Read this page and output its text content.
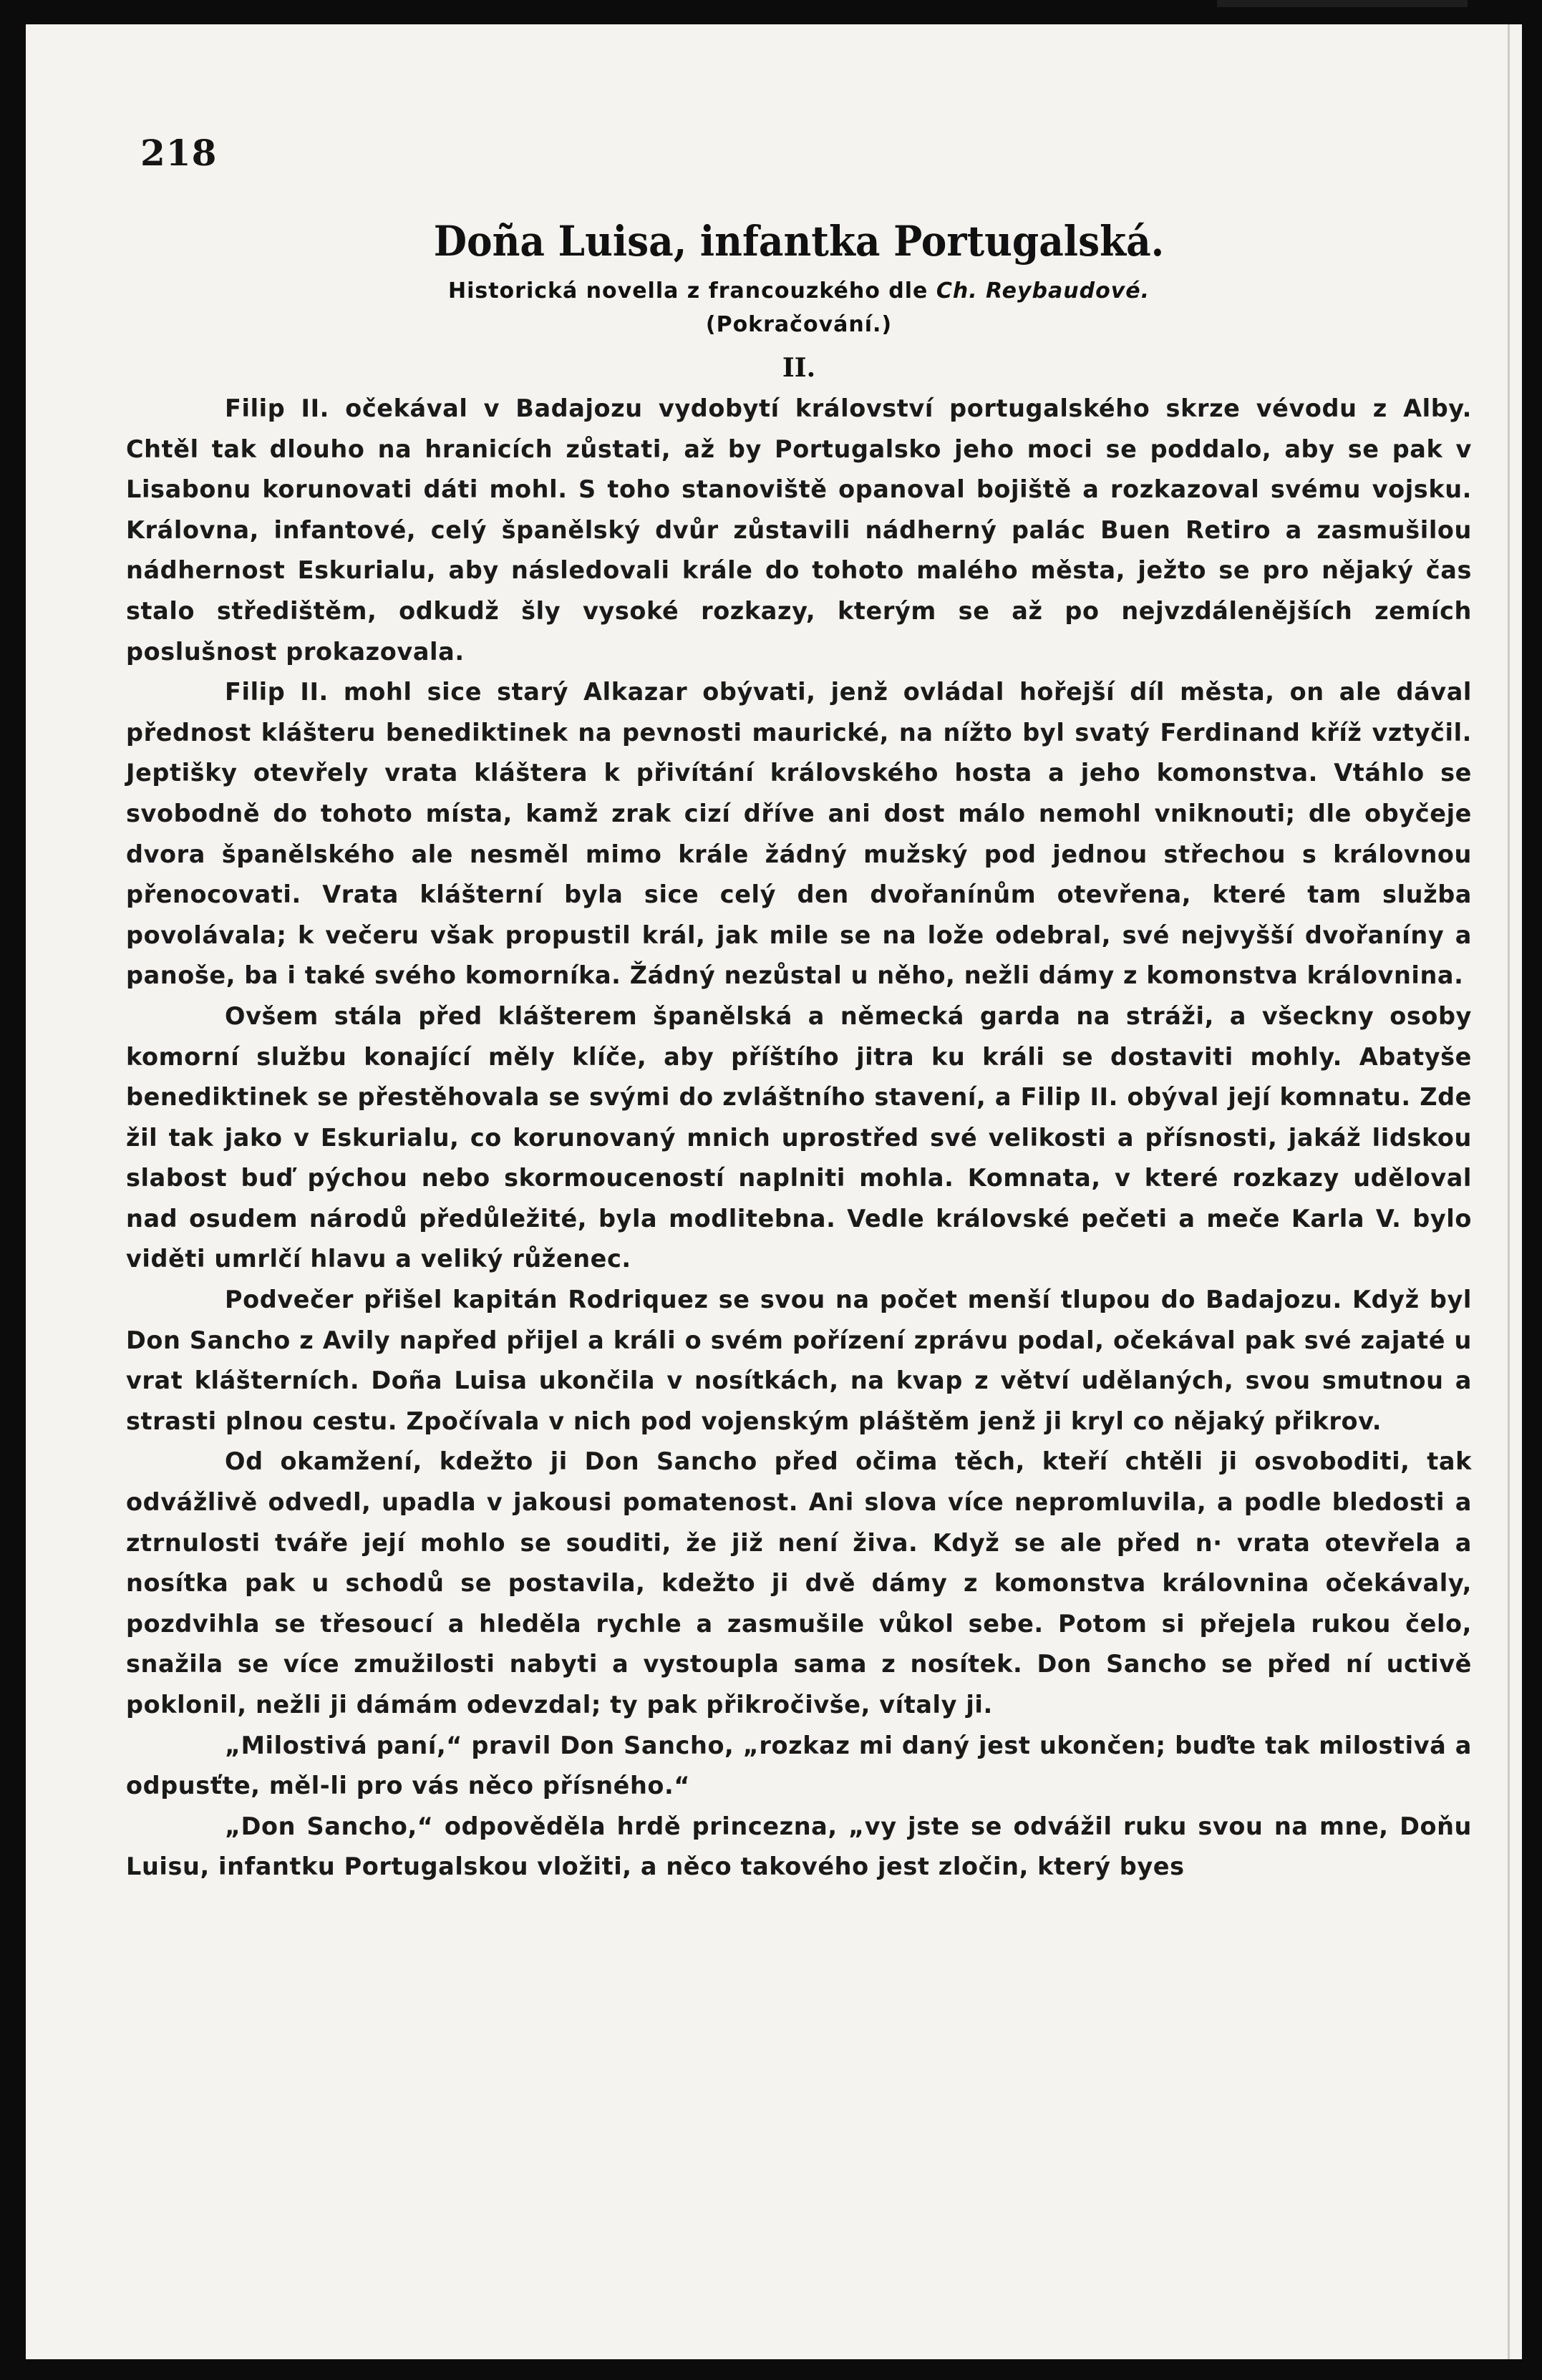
218
Doña Luisa, infantka Portugalská.
Historická novella z francouzkého dle Ch. Reybaudové.
(Pokračování.)
II.

Filip II. očekával v Badajozu vydobytí království portugalského skrze vévodu z Alby. Chtěl tak dlouho na hranicích zůstati, až by Portugalsko jeho moci se poddalo, aby se pak v Lisabonu korunovati dáti mohl. S toho stanoviště opanoval bojiště a rozkazoval svému vojsku. Královna, infantové, celý španělský dvůr zůstavili nádherný palác Buen Retiro a zasmušilou nádhernost Eskurialu, aby následovali krále do tohoto malého města, ježto se pro nějaký čas stalo střediště‌m, odkudž šly vysoké rozkazy, kterým se až po nejvzdálenějších zemích poslušnost prokazovala.

Filip II. mohl sice starý Alkazar obývati, jenž ovládal hořejší díl města, on ale dával přednost klášteru benediktinek na pevnosti maurické, na nížto byl svatý Ferdinand kříž vztyčil. Jeptišky otevřely vrata kláštera k přivítání královského hosta a jeho komonstva. Vtáhlo se svobodně do tohoto místa, kamž zrak cizí dříve ani dost málo nemohl vniknouti; dle obyčeje dvora španělského ale nesměl mimo krále žádný mužský pod jednou střechou s královnou přenocovati. Vrata klášterní byla sice celý den dvořanínům otevřena, které tam služba povolávala; k večeru však propustil král, jak mile se na lože odebral, své nejvyšší dvořaníny a panoše, ba i také svého komorníka. Žádný nezůstal u něho, nežli dámy z komonstva královnina.

Ovšem stála před klášterem španělská a německá garda na stráži, a všeckny osoby komorní službu konající měly klíče, aby příštího jitra ku králi se dostaviti mohly. Abatyše benediktinek se přestěhovala se svými do zvláštního stavení, a Filip II. obýval její komnatu. Zde žil tak jako v Eskurialu, co korunovaný mnich uprostřed své velikosti a přísnosti, jakáž lidskou slabost buď pýchou nebo skormouceností naplniti mohla. Komnata, v které rozkazy uděloval nad osudem národů předůležité, byla modlitebna. Vedle královské pečeti a meče Karla V. bylo viděti umrlčí hlavu a veliký růženec.

Podvečer přišel kapitán Rodriquez se svou na počet menší tlupou do Badajozu. Když byl Don Sancho z Avily napřed přijel a králi o svém pořízení zprávu podal, očekával pak své zajaté u vrat klášterních. Doña Luisa ukončila v nosítkách, na kvap z větví udělaných, svou smutnou a strasti plnou cestu. Zpočívala v nich pod vojenským pláštěm jenž ji kryl co nějaký přikrov.

Od okamžení, kdežto ji Don Sancho před očima těch, kteří chtěli ji osvoboditi, tak odvážlivě odvedl, upadla v jakousi pomatenost. Ani slova více nepromluvila, a podle bledosti a ztrnulosti tváře její mohlo se souditi, že již není živa. Když se ale před n· vrata otevřela a nosítka pak u schodů se postavila, kdežto ji dvě dámy z komonstva královnina očekávaly, pozdvihla se třesoucí a hleděla rychle a zasmušile vůkol sebe. Potom si přejela rukou čelo, snažila se více zmužilosti nabyti a vystoupla sama z nosítek. Don Sancho se před ní uctivě poklonil, nežli ji dámám odevzdal; ty pak přikročivše, vítaly ji.

„Milostivá paní,“ pravil Don Sancho, „rozkaz mi daný jest ukončen; buďte tak milostivá a odpusťte, měl-li pro vás něco přísného.“

„Don Sancho,“ odpověděla hrdě princezna, „vy jste se odvážil ruku svou na mne, Doňu Luisu, infantku Portugalskou vložiti, a něco takového jest zločin, který byes
